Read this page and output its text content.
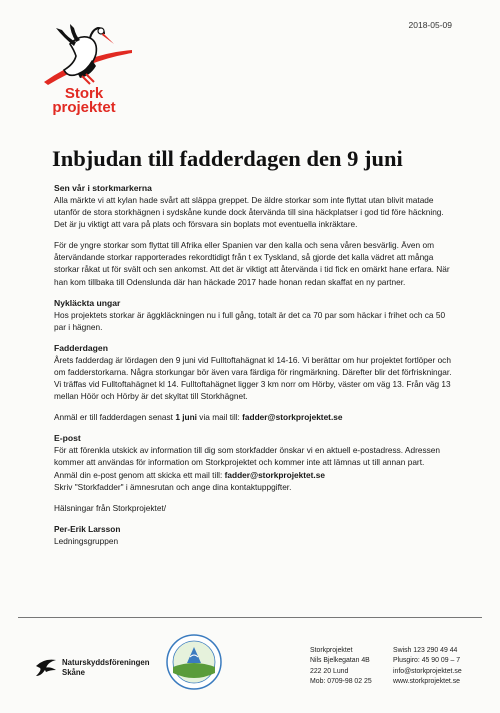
2018-05-09
Stork
projektet
Inbjudan till fadderdagen den 9 juni
Sen vår i storkmarkerna

Alla märkte vi att kylan hade svårt att släppa greppet. De äldre storkar som inte flyttat utan blivit matade utanför de stora storkhägnen i sydskåne kunde dock återvända till sina häckplatser i god tid före häckning. Det är ju viktigt att vara på plats och försvara sin boplats mot eventuella inkräktare.

För de yngre storkar som flyttat till Afrika eller Spanien var den kalla och sena våren besvärlig. Även om återvändande storkar rapporterades rekordtidigt från t ex Tyskland, så gjorde det kalla vädret att många storkar råkat ut för svält och sen ankomst. Att det är viktigt att återvända i tid fick en omärkt hane erfara. När han kom tillbaka till Odenslunda där han häckade 2017 hade honan redan skaffat en ny partner.

Nykläckta ungar

Hos projektets storkar är äggkläckningen nu i full gång, totalt är det ca 70 par som häckar i frihet och ca 50 par i hägnen.

Fadderdagen

Årets fadderdag är lördagen den 9 juni vid Fulltoftahägnat kl 14-16. Vi berättar om hur projektet fortlöper och om fadderstorkarna. Några storkungar bör även vara färdiga för ringmärkning. Därefter blir det förfriskningar. Vi träffas vid Fulltoftahägnet kl 14. Fulltoftahägnet ligger 3 km norr om Hörby, väster om väg 13. Från väg 13 mellan Höör och Hörby är det skyltat till Storkhägnet.

Anmäl er till fadderdagen senast 1 juni via mail till: fadder@storkprojektet.se

E-post

För att förenkla utskick av information till dig som storkfadder önskar vi en aktuell e-postadress. Adressen kommer att användas för information om Storkprojektet och kommer inte att lämnas ut till annan part.

Anmäl din e-post genom att skicka ett mail till: fadder@storkprojektet.se

Skriv "Storkfadder" i ämnesrutan och ange dina kontaktuppgifter.

Hälsningar från Storkprojektet/

Per-Erik Larsson

Ledningsgruppen

Naturskyddsföreningen
Skåne
Storkprojektet
Nils Bjelkegatan 4B
222 20 Lund
Mob: 0709-98 02 25
Swish 123 290 49 44
Plusgiro: 45 90 09 – 7
info@storkprojektet.se
www.storkprojektet.se
